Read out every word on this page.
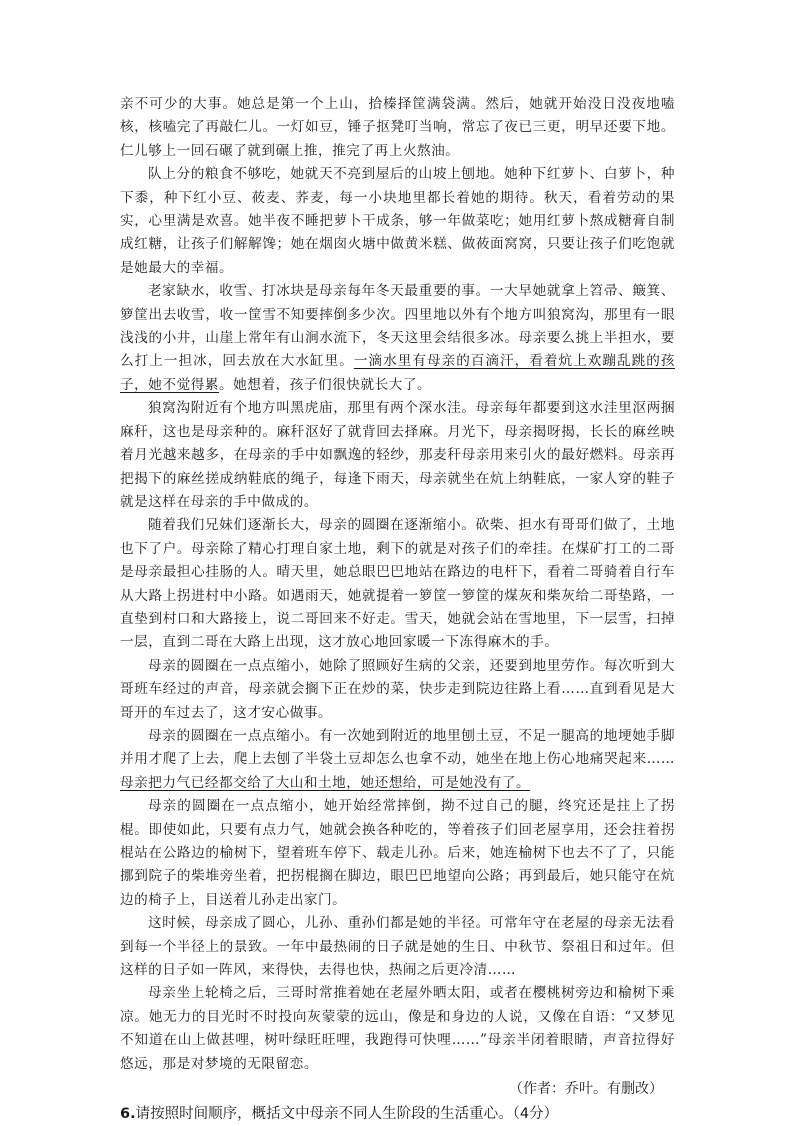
亲不可少的大事。她总是第一个上山，拾榛择筐满袋满。然后，她就开始没日没夜地嗑核，核嗑完了再敲仁儿。一灯如豆，锤子抠凳叮当响，常忘了夜已三更，明早还要下地。仁儿够上一回石碾了就到碾上推，推完了再上火熬油。

队上分的粮食不够吃，她就天不亮到屋后的山坡上刨地。她种下红萝卜、白萝卜，种下黍，种下红小豆、莜麦、荞麦，每一小块地里都长着她的期待。秋天，看着劳动的果实，心里满是欢喜。她半夜不睡把萝卜干成条，够一年做菜吃；她用红萝卜熬成糖膏自制成红糖，让孩子们解解馋；她在烟囱火塘中做黄米糕、做莜面窝窝，只要让孩子们吃饱就是她最大的幸福。

老家缺水，收雪、打冰块是母亲每年冬天最重要的事。一大早她就拿上笤帚、簸箕、箩筐出去收雪，收一筐雪不知要摔倒多少次。四里地以外有个地方叫狼窝沟，那里有一眼浅浅的小井，山崖上常年有山涧水流下，冬天这里会结很多冰。母亲要么挑上半担水，要么打上一担冰，回去放在大水缸里。一滴水里有母亲的百滴汗，看着炕上欢蹦乱跳的孩子，她不觉得累。她想着，孩子们很快就长大了。

狼窝沟附近有个地方叫黑虎庙，那里有两个深水洼。母亲每年都要到这水洼里沤两捆麻秆，这也是母亲种的。麻秆沤好了就背回去择麻。月光下，母亲揭呀揭，长长的麻丝映着月光越来越多，在母亲的手中如飘逸的轻纱，那麦秆母亲用来引火的最好燃料。母亲再把揭下的麻丝搓成纳鞋底的绳子，每逢下雨天，母亲就坐在炕上纳鞋底，一家人穿的鞋子就是这样在母亲的手中做成的。

随着我们兄妹们逐渐长大，母亲的圆圈在逐渐缩小。砍柴、担水有哥哥们做了，土地也下了户。母亲除了精心打理自家土地，剩下的就是对孩子们的牵挂。在煤矿打工的二哥是母亲最担心挂肠的人。晴天里，她总眼巴巴地站在路边的电杆下，看着二哥骑着自行车从大路上拐进村中小路。如遇雨天，她就提着一箩筐一箩筐的煤灰和柴灰给二哥垫路，一直垫到村口和大路接上，说二哥回来不好走。雪天，她就会站在雪地里，下一层雪，扫掉一层，直到二哥在大路上出现，这才放心地回家暖一下冻得麻木的手。

母亲的圆圈在一点点缩小，她除了照顾好生病的父亲，还要到地里劳作。每次听到大哥班车经过的声音，母亲就会搁下正在炒的菜，快步走到院边往路上看……直到看见是大哥开的车过去了，这才安心做事。

母亲的圆圈在一点点缩小。有一次她到附近的地里刨土豆，不足一腿高的地埂她手脚并用才爬了上去，爬上去刨了半袋土豆却怎么也拿不动，她坐在地上伤心地痛哭起来……母亲把力气已经都交给了大山和土地，她还想给，可是她没有了。

母亲的圆圈在一点点缩小，她开始经常摔倒，拗不过自己的腿，终究还是拄上了拐棍。即使如此，只要有点力气，她就会换各种吃的，等着孩子们回老屋享用，还会拄着拐棍站在公路边的榆树下，望着班车停下、载走儿孙。后来，她连榆树下也去不了了，只能挪到院子的柴堆旁坐着，把拐棍搁在脚边，眼巴巴地望向公路；再到最后，她只能守在炕边的椅子上，目送着儿孙走出家门。

这时候，母亲成了圆心，儿孙、重孙们都是她的半径。可常年守在老屋的母亲无法看到每一个半径上的景致。一年中最热闹的日子就是她的生日、中秋节、祭祖日和过年。但这样的日子如一阵风，来得快，去得也快，热闹之后更冷清……

母亲坐上轮椅之后，三哥时常推着她在老屋外晒太阳，或者在樱桃树旁边和榆树下乘凉。她无力的目光时不时投向灰蒙蒙的远山，像是和身边的人说，又像在自语：“又梦见不知道在山上做甚哩，树叶绿旺旺哩，我跑得可快哩……”母亲半闭着眼睛，声音拉得好悠远，那是对梦境的无限留恋。

（作者：乔叶。有删改）
6.请按照时间顺序，概括文中母亲不同人生阶段的生活重心。（4分）
